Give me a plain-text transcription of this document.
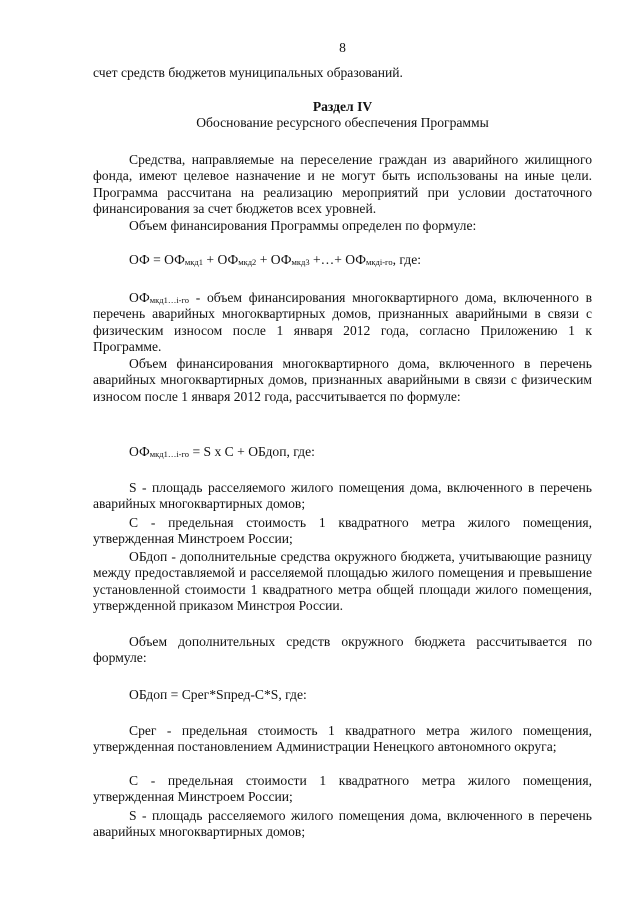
8

счет средств бюджетов муниципальных образований.

Раздел IV
Обоснование ресурсного обеспечения Программы

Средства, направляемые на переселение граждан из аварийного жилищного фонда, имеют целевое назначение и не могут быть использованы на иные цели. Программа рассчитана на реализацию мероприятий при условии достаточного финансирования за счет бюджетов всех уровней.

Объем финансирования Программы определен по формуле:

ОФ = $ОФ_{мкд1} + ОФ_{мкд2} + ОФ_{мкд3}$ +…+ $ОФ_{мкдi-го}$, где:

$ОФ_{мкд1\dots i-го}$ - объем финансирования многоквартирного дома, включенного в перечень аварийных многоквартирных домов, признанных аварийными в связи с физическим износом после 1 января 2012 года, согласно Приложению 1 к Программе.

Объем финансирования многоквартирного дома, включенного в перечень аварийных многоквартирных домов, признанных аварийными в связи с физическим износом после 1 января 2012 года, рассчитывается по формуле:

$ОФ_{мкд1\dots i-го} = S$ x C + ОБдоп, где:

S - площадь расселяемого жилого помещения дома, включенного в перечень аварийных многоквартирных домов;

С - предельная стоимость 1 квадратного метра жилого помещения, утвержденная Минстроем России;

ОБдоп - дополнительные средства окружного бюджета, учитывающие разницу между предоставляемой и расселяемой площадью жилого помещения и превышение установленной стоимости 1 квадратного метра общей площади жилого помещения, утвержденной приказом Минстроя России.

Объем дополнительных средств окружного бюджета рассчитывается по формуле:

ОБдоп = Срег*Sпред-С*S, где:

Срег - предельная стоимость 1 квадратного метра жилого помещения, утвержденная постановлением Администрации Ненецкого автономного округа;

С - предельная стоимости 1 квадратного метра жилого помещения, утвержденная Минстроем России;

S - площадь расселяемого жилого помещения дома, включенного в перечень аварийных многоквартирных домов;
